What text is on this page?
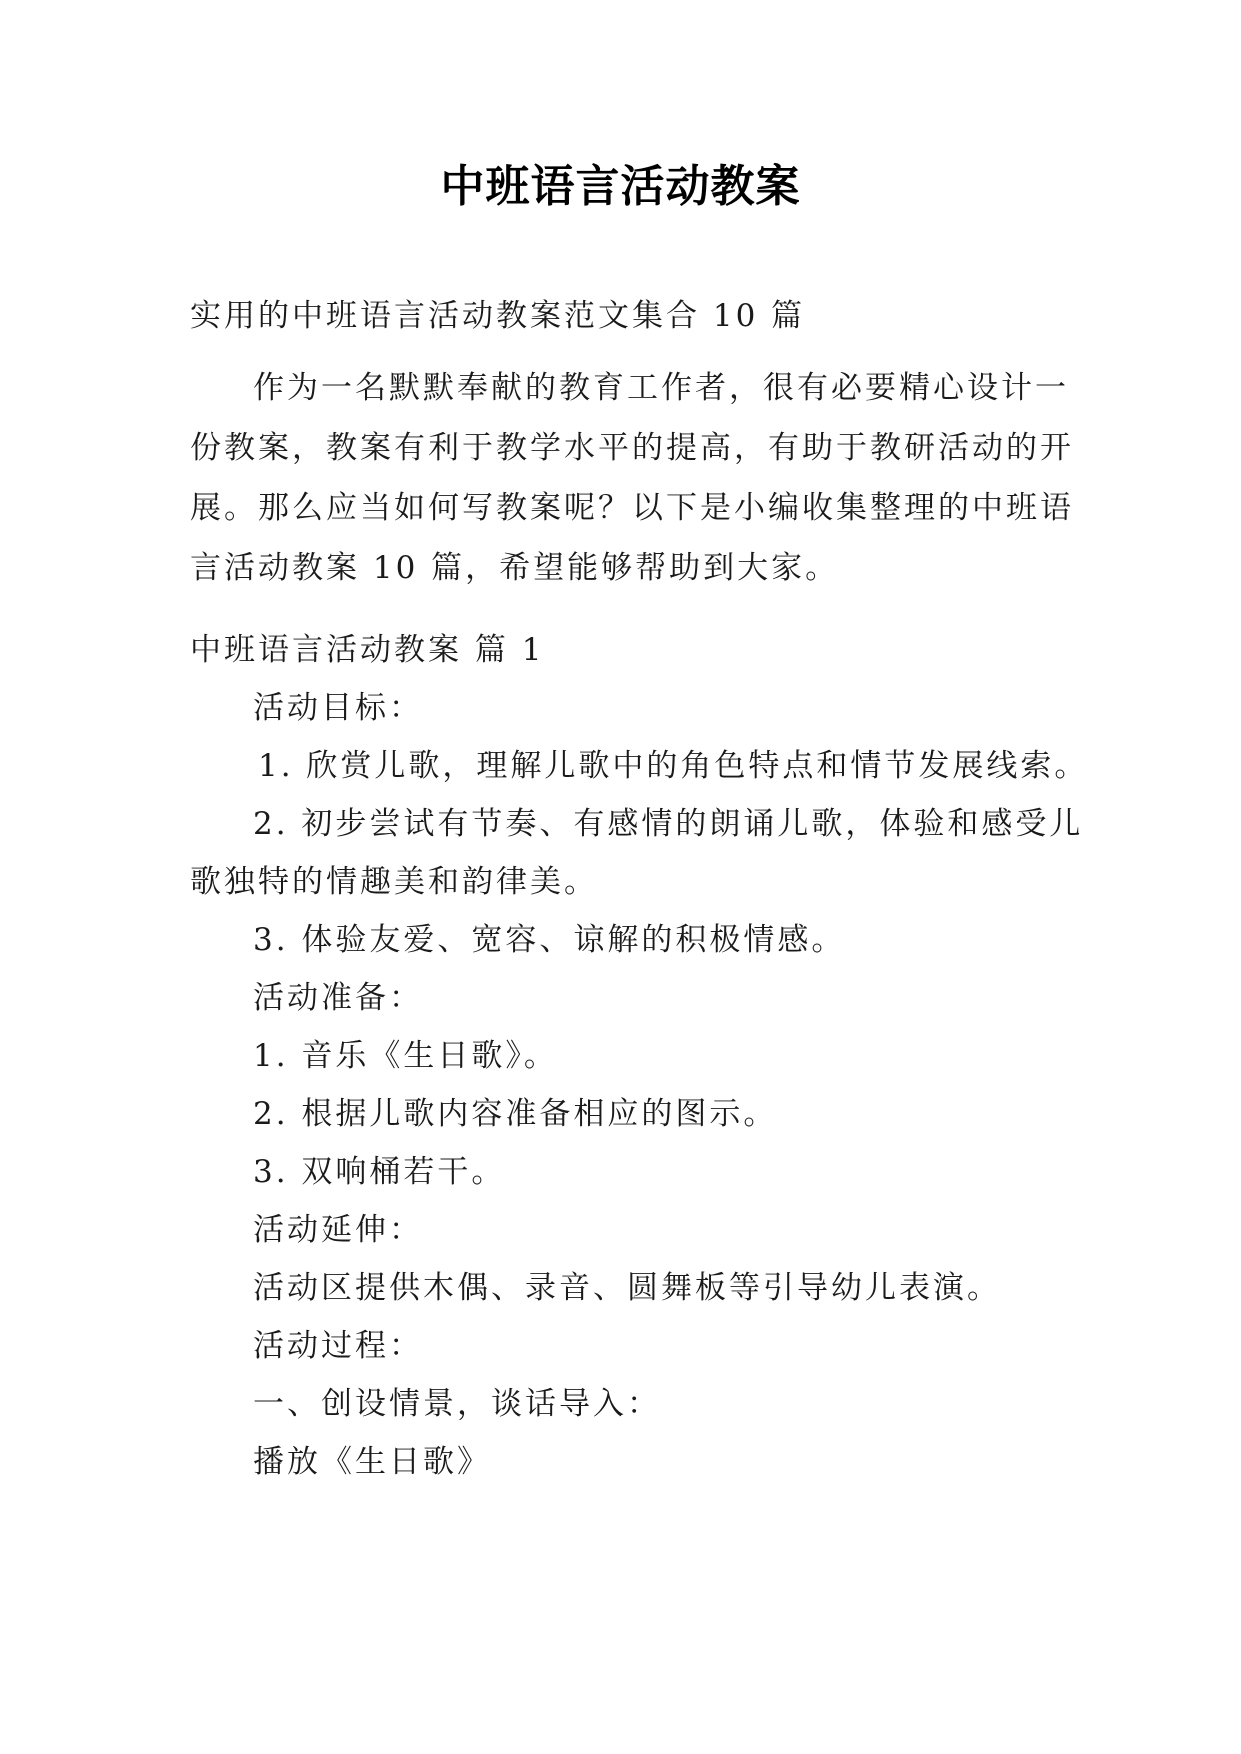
中班语言活动教案
实用的中班语言活动教案范文集合 10 篇
作为一名默默奉献的教育工作者，很有必要精心设计一
份教案，教案有利于教学水平的提高，有助于教研活动的开
展。那么应当如何写教案呢？以下是小编收集整理的中班语
言活动教案 10 篇，希望能够帮助到大家。
中班语言活动教案 篇 1
活动目标：
1. 欣赏儿歌，理解儿歌中的角色特点和情节发展线索。
2. 初步尝试有节奏、有感情的朗诵儿歌，体验和感受儿
歌独特的情趣美和韵律美。
3. 体验友爱、宽容、谅解的积极情感。
活动准备：
1. 音乐《生日歌》。
2. 根据儿歌内容准备相应的图示。
3. 双响桶若干。
活动延伸：
活动区提供木偶、录音、圆舞板等引导幼儿表演。
活动过程：
一、创设情景，谈话导入：
播放《生日歌》
